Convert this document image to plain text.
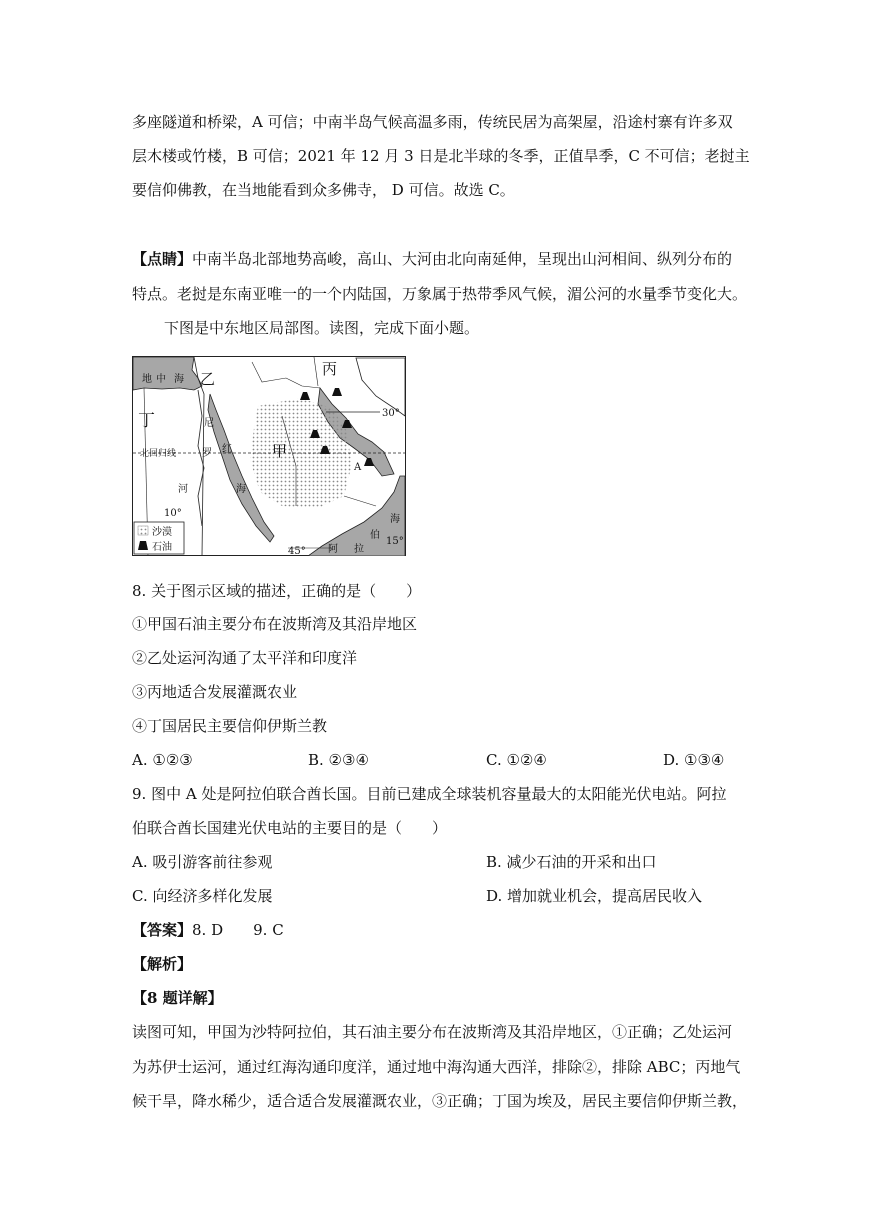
多座隧道和桥梁，A 可信；中南半岛气候高温多雨，传统民居为高架屋，沿途村寨有许多双
层木楼或竹楼，B 可信；2021 年 12 月 3 日是北半球的冬季，正值旱季，C 不可信；老挝主
要信仰佛教，在当地能看到众多佛寺， D 可信。故选 C。
【点睛】中南半岛北部地势高峻，高山、大河由北向南延伸，呈现出山河相间、纵列分布的
特点。老挝是东南亚唯一的一个内陆国，万象属于热带季风气候，湄公河的水量季节变化大。
下图是中东地区局部图。读图，完成下面小题。
地 中 海 乙
丙
丁
甲
尼
罗
河
红
海
海
伯
拉
阿
北回归线
30°
10°
15°
45°
A
沙漠
石油
8. 关于图示区域的描述，正确的是（　　）
①甲国石油主要分布在波斯湾及其沿岸地区
②乙处运河沟通了太平洋和印度洋
③丙地适合发展灌溉农业
④丁国居民主要信仰伊斯兰教
A. ①②③	B. ②③④	C. ①②④	D. ①③④
9. 图中 A 处是阿拉伯联合酋长国。目前已建成全球装机容量最大的太阳能光伏电站。阿拉
伯联合酋长国建光伏电站的主要目的是（　　）
A. 吸引游客前往参观	B. 减少石油的开采和出口
C. 向经济多样化发展	D. 增加就业机会，提高居民收入
【答案】8. D　　9. C
【解析】
【8 题详解】
读图可知，甲国为沙特阿拉伯，其石油主要分布在波斯湾及其沿岸地区，①正确；乙处运河
为苏伊士运河，通过红海沟通印度洋，通过地中海沟通大西洋，排除②，排除 ABC；丙地气
候干旱，降水稀少，适合适合发展灌溉农业，③正确；丁国为埃及，居民主要信仰伊斯兰教，
